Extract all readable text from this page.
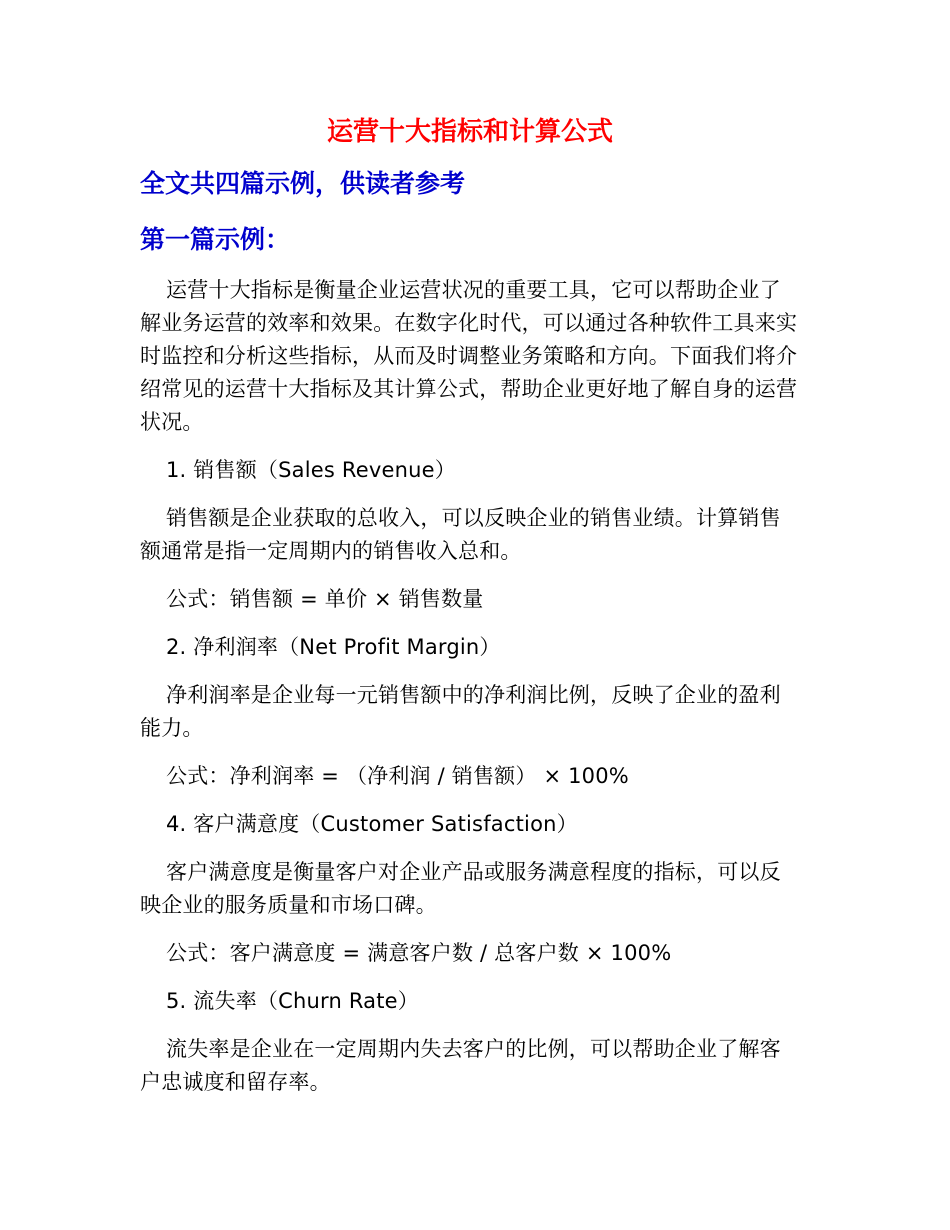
运营十大指标和计算公式
全文共四篇示例，供读者参考
第一篇示例：

运营十大指标是衡量企业运营状况的重要工具，它可以帮助企业了解业务运营的效率和效果。在数字化时代，可以通过各种软件工具来实时监控和分析这些指标，从而及时调整业务策略和方向。下面我们将介绍常见的运营十大指标及其计算公式，帮助企业更好地了解自身的运营状况。

1. 销售额（Sales Revenue）

销售额是企业获取的总收入，可以反映企业的销售业绩。计算销售额通常是指一定周期内的销售收入总和。

公式：销售额 = 单价 × 销售数量

2. 净利润率（Net Profit Margin）

净利润率是企业每一元销售额中的净利润比例，反映了企业的盈利能力。

公式：净利润率 = （净利润 / 销售额） × 100%

4. 客户满意度（Customer Satisfaction）

客户满意度是衡量客户对企业产品或服务满意程度的指标，可以反映企业的服务质量和市场口碑。

公式：客户满意度 = 满意客户数 / 总客户数 × 100%

5. 流失率（Churn Rate）

流失率是企业在一定周期内失去客户的比例，可以帮助企业了解客户忠诚度和留存率。
